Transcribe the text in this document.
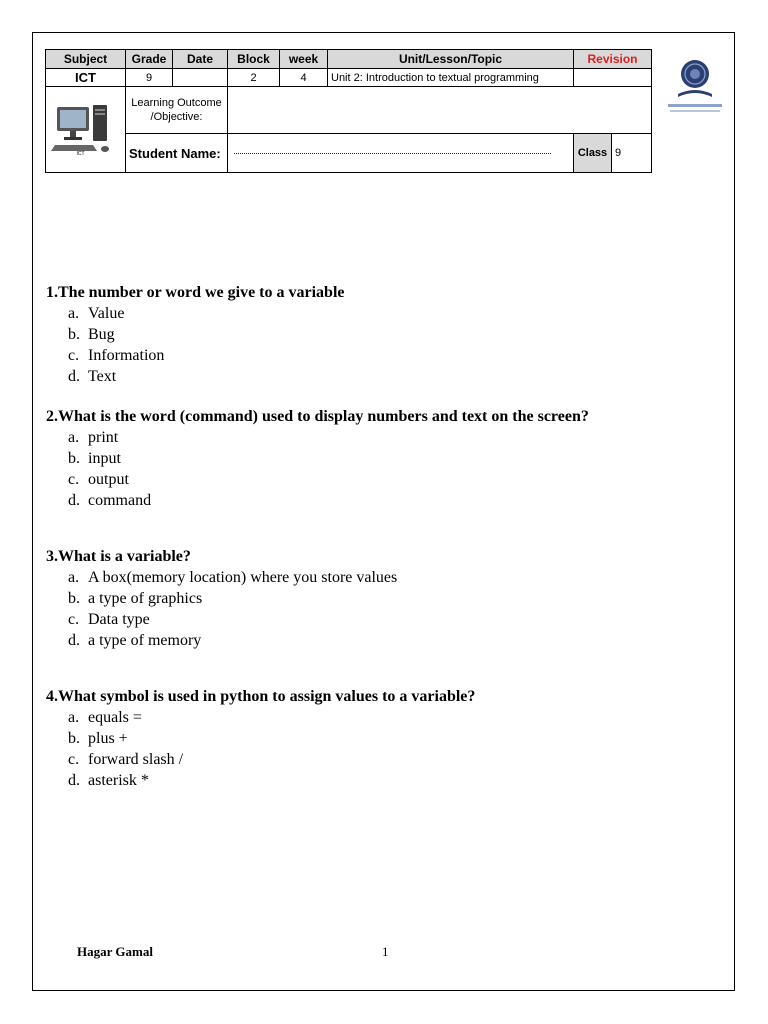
Subject	Grade	Date	Block	week	Unit/Lesson/Topic	Revision	
ICT	9		2	4	Unit 2: Introduction to textual programming		

ICT	Learning Outcome /Objective:						
	Student Name:					Class	9
1.The number or word we give to a variable
a. Value
b. Bug
c. Information
d. Text
2.What is the word (command) used to display numbers and text on the screen?
a. print
b. input
c. output
d. command
3.What is a variable?
a. A box(memory location) where you store values
b. a type of graphics
c. Data type
d. a type of memory
4.What symbol is used in python to assign values to a variable?
a. equals =
b. plus +
c. forward slash /
d. asterisk *
Hagar Gamal	1
